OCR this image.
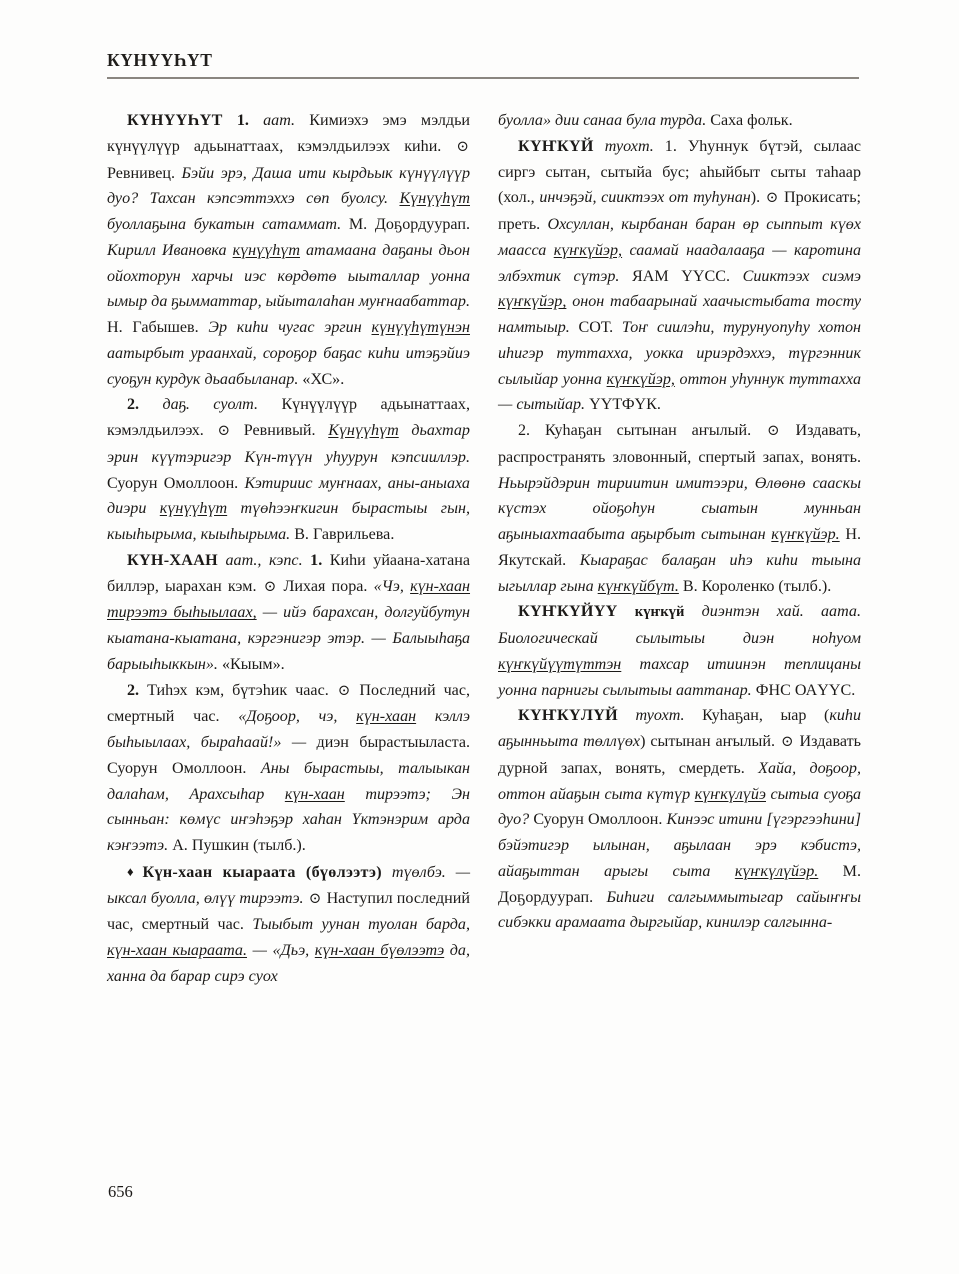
КҮНҮҮҺҮТ

КҮНҮҮҺҮТ 1. аат. Кимиэхэ эмэ мэлдьи күнүүлүүр адьынаттаах, кэмэлдьилээх киһи. ⊙ Ревнивец. Бэйи эрэ, Даша ити кырдьык күнүүлүүр дуо? Тахсан кэпсэттэххэ сөп буолсу. Күнүүһүт буоллаҕына букатын сатаммат. М. Доҕордуурап. Кирилл Ивановка күнүүһүт атамаана даҕаны дьон ойохторун харчы иэс көрдөтө ыыталлар уонна ымыр да ҕымматтар, ыйыталаһан муҥнаабаттар. Н. Габышев. Эр киһи чугас эргин күнүүһүтүнэн аатырбыт ураанхай, сороҕор баҕас киһи итэҕэйиэ суоҕун курдук дьаабыланар. «ХС».

2. даҕ. суолт. Күнүүлүүр адьынаттаах, кэмэлдьилээх. ⊙ Ревнивый. Күнүүһүт дьахтар эрин күүтэригэр Күн-түүн уһуурун кэпсииллэр. Суорун Омоллоон. Кэтириис муҥнаах, аны-аныаха диэри күнүүһүт түөһээҥкигин бырастыы гын, кыыһырыма, кыыһырыма. В. Гаврильева.

КҮН-ХААН аат., кэпс. 1. Киһи уйаана-хатана биллэр, ыарахан кэм. ⊙ Лихая пора. «Чэ, күн-хаан тирээтэ быһыылаах, — ийэ барахсан, долгуйбутун кыатана-кыатана, кэргэнигэр этэр. — Балыыһаҕа барыыһыккын». «Кыым».

2. Тиһэх кэм, бүтэһик чаас. ⊙ Последний час, смертный час. «Доҕоор, чэ, күн-хаан кэллэ быһыылаах, быраһаай!» — диэн бырастыыласта. Суорун Омоллоон. Аны бырастыы, талыыкан далаһам, Арахсыһар күн-хаан тирээтэ; Эн сынньан: көмүс иҥэһэҕэр хаһан Үктэнэрим арда кэҥээтэ. А. Пушкин (тылб.).

♦ Күн-хаан кыараата (бүөлээтэ) түөлбэ. — ыксал буолла, өлүү тирээтэ. ⊙ Наступил последний час, смертный час. Тыыбыт уунан туолан барда, күн-хаан кыараата. — «Дьэ, күн-хаан бүөлээтэ да, ханна да барар сирэ суох

буолла» дии санаа була турда. Саха фольк.

КҮҤКҮЙ туохт. 1. Уһуннук бүтэй, сылаас сиргэ сытан, сытыйа бус; аһыйбыт сыты таһаар (хол., инчэҕэй, сииктээх от туһунан). ⊙ Прокисать; преть. Охсуллан, кырбанан баран өр сыппыт күөх маасса күҥкүйэр, саамай наадалааҕа — каротина элбэхтик сүтэр. ЯАМ ҮҮСС. Сииктээх сиэмэ күҥкүйэр, онон табаарынай хаачыстыбата тосту намтыыр. СОТ. Тоҥ сиилэһи, турунуопуһу хотон иһигэр туттахха, уокка ириэрдэххэ, түргэнник сылыйар уонна күҥкүйэр, оттон уһуннук туттахха — сытыйар. ҮҮТФҮК.

2. Куһаҕан сытынан аҥылый. ⊙ Издавать, распространять зловонный, спертый запах, вонять. Ньырэйдэрин тириитин имитээри, Өлөөнө сааскы күстэх ойоҕоһун сыатын мунньан аҕыныахтаабыта аҕырбыт сытынан күҥкүйэр. Н. Якутскай. Кыараҕас балаҕан иһэ киһи тыына ыгыллар гына күҥкүйбүт. В. Короленко (тылб.).

КҮҤКҮЙҮҮ күҥкүй диэнтэн хай. аата. Биологическай сылытыы диэн ноһуом күҥкүйүүтүттэн тахсар итиинэн теплицаны уонна парнигы сылытыы ааттанар. ФНС ОАҮҮС.

КҮҤКҮЛҮЙ туохт. Куһаҕан, ыар (киһи аҕынньыта төллүөх) сытынан аҥылый. ⊙ Издавать дурной запах, вонять, смердеть. Хайа, доҕоор, оттон айаҕын сыта күтүр күҥкүлүйэ сытыа суоҕа дуо? Суорун Омоллоон. Кинээс итини [үгэргээһини] бэйэтигэр ылынан, аҕылаан эрэ кэбистэ, айаҕыттан арыгы сыта күҥкүлүйэр. М. Доҕордуурап. Биһиги салгыммытыгар сайыҥҥы сибэкки арамаата дыргыйар, кинилэр салгынна-

656
